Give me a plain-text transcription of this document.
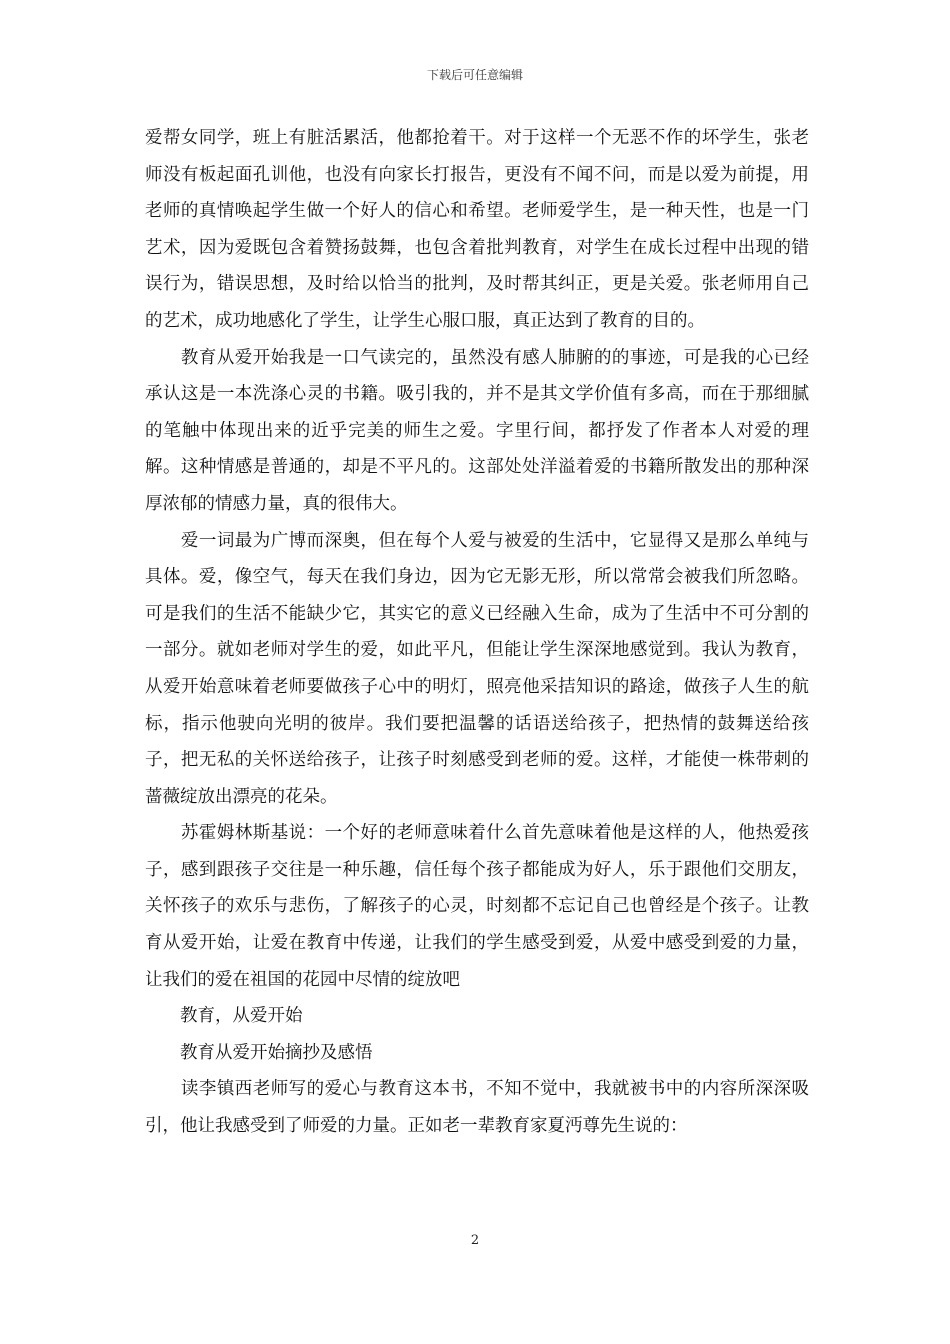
下载后可任意编辑

爱帮女同学，班上有脏活累活，他都抢着干。对于这样一个无恶不作的坏学生，张老师没有板起面孔训他，也没有向家长打报告，更没有不闻不问，而是以爱为前提，用老师的真情唤起学生做一个好人的信心和希望。老师爱学生，是一种天性，也是一门艺术，因为爱既包含着赞扬鼓舞，也包含着批判教育，对学生在成长过程中出现的错误行为，错误思想，及时给以恰当的批判，及时帮其纠正，更是关爱。张老师用自己的艺术，成功地感化了学生，让学生心服口服，真正达到了教育的目的。

　　教育从爱开始我是一口气读完的，虽然没有感人肺腑的的事迹，可是我的心已经承认这是一本洗涤心灵的书籍。吸引我的，并不是其文学价值有多高，而在于那细腻的笔触中体现出来的近乎完美的师生之爱。字里行间，都抒发了作者本人对爱的理解。这种情感是普通的，却是不平凡的。这部处处洋溢着爱的书籍所散发出的那种深厚浓郁的情感力量，真的很伟大。

　　爱一词最为广博而深奥，但在每个人爱与被爱的生活中，它显得又是那么单纯与具体。爱，像空气，每天在我们身边，因为它无影无形，所以常常会被我们所忽略。可是我们的生活不能缺少它，其实它的意义已经融入生命，成为了生活中不可分割的一部分。就如老师对学生的爱，如此平凡，但能让学生深深地感觉到。我认为教育，从爱开始意味着老师要做孩子心中的明灯，照亮他采拮知识的路途，做孩子人生的航标，指示他驶向光明的彼岸。我们要把温馨的话语送给孩子，把热情的鼓舞送给孩子，把无私的关怀送给孩子，让孩子时刻感受到老师的爱。这样，才能使一株带刺的蔷薇绽放出漂亮的花朵。

　　苏霍姆林斯基说：一个好的老师意味着什么首先意味着他是这样的人，他热爱孩子，感到跟孩子交往是一种乐趣，信任每个孩子都能成为好人，乐于跟他们交朋友，关怀孩子的欢乐与悲伤，了解孩子的心灵，时刻都不忘记自己也曾经是个孩子。让教育从爱开始，让爱在教育中传递，让我们的学生感受到爱，从爱中感受到爱的力量，让我们的爱在祖国的花园中尽情的绽放吧

　　教育，从爱开始

　　教育从爱开始摘抄及感悟

　　读李镇西老师写的爱心与教育这本书，不知不觉中，我就被书中的内容所深深吸引，他让我感受到了师爱的力量。正如老一辈教育家夏沔尊先生说的：

2
